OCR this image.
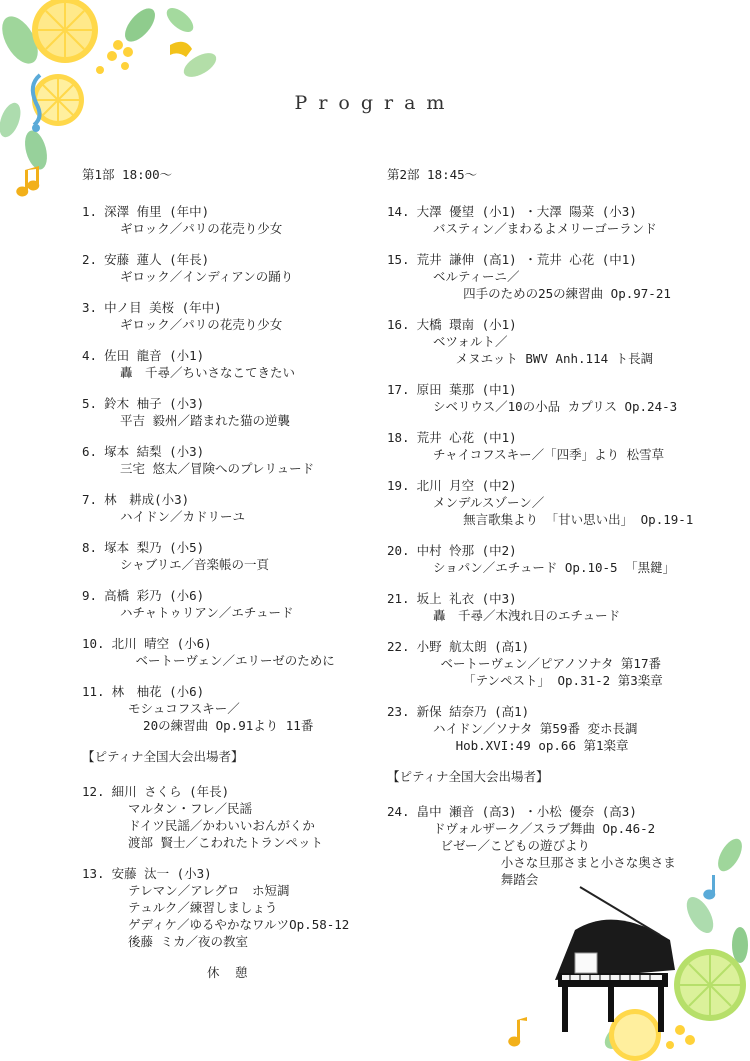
Program
第1部 18:00～
1. 深澤 侑里 (年中)
ギロック／パリの花売り少女
2. 安藤 蓮人 (年長)
ギロック／インディアンの踊り
3. 中ノ目 美桜 (年中)
ギロック／パリの花売り少女
4. 佐田 龍音 (小1)
轟　千尋／ちいさなこてきたい
5. 鈴木 柚子 (小3)
平吉 毅州／踏まれた猫の逆襲
6. 塚本 結梨 (小3)
三宅 悠太／冒険へのプレリュード
7. 林　耕成(小3)
ハイドン／カドリーユ
8. 塚本 梨乃 (小5)
シャブリエ／音楽帳の一頁
9. 高橋 彩乃 (小6)
ハチャトゥリアン／エチュード
10. 北川 晴空 (小6)
ベートーヴェン／エリーゼのために
11. 林　柚花 (小6)
モシュコフスキー／
20の練習曲 Op.91より 11番
【ピティナ全国大会出場者】
12. 細川 さくら (年長)
マルタン・フレ／民謡
ドイツ民謡／かわいいおんがくか
渡部 賢士／こわれたトランペット
13. 安藤 汰一 (小3)
テレマン／アレグロ　ホ短調
テュルク／練習しましょう
ゲディケ／ゆるやかなワルツOp.58-12
後藤 ミカ／夜の教室
休 憩
第2部 18:45～
14. 大澤 優望 (小1) ・大澤 陽菜 (小3)
バスティン／まわるよメリーゴーランド
15. 荒井 謙伸 (高1) ・荒井 心花 (中1)
ベルティーニ／
四手のための25の練習曲 Op.97-21
16. 大橋 環南 (小1)
ベツォルト／
メヌエット BWV Anh.114 ト長調
17. 原田 葉那 (中1)
シベリウス／10の小品 カプリス Op.24-3
18. 荒井 心花 (中1)
チャイコフスキー／「四季」より 松雪草
19. 北川 月空 (中2)
メンデルスゾーン／
無言歌集より 「甘い思い出」 Op.19-1
20. 中村 怜那 (中2)
ショパン／エチュード Op.10-5 「黒鍵」
21. 坂上 礼衣 (中3)
轟　千尋／木洩れ日のエチュード
22. 小野 航太朗 (高1)
ベートーヴェン／ピアノソナタ 第17番
「テンペスト」 Op.31-2 第3楽章
23. 新保 結奈乃 (高1)
ハイドン／ソナタ 第59番 変ホ長調
Hob.XVI:49 op.66 第1楽章
【ピティナ全国大会出場者】
24. 畠中 瀬音 (高3) ・小松 優奈 (高3)
ドヴォルザーク／スラブ舞曲 Op.46-2
ビゼー／こどもの遊びより
小さな旦那さまと小さな奥さま
舞踏会
